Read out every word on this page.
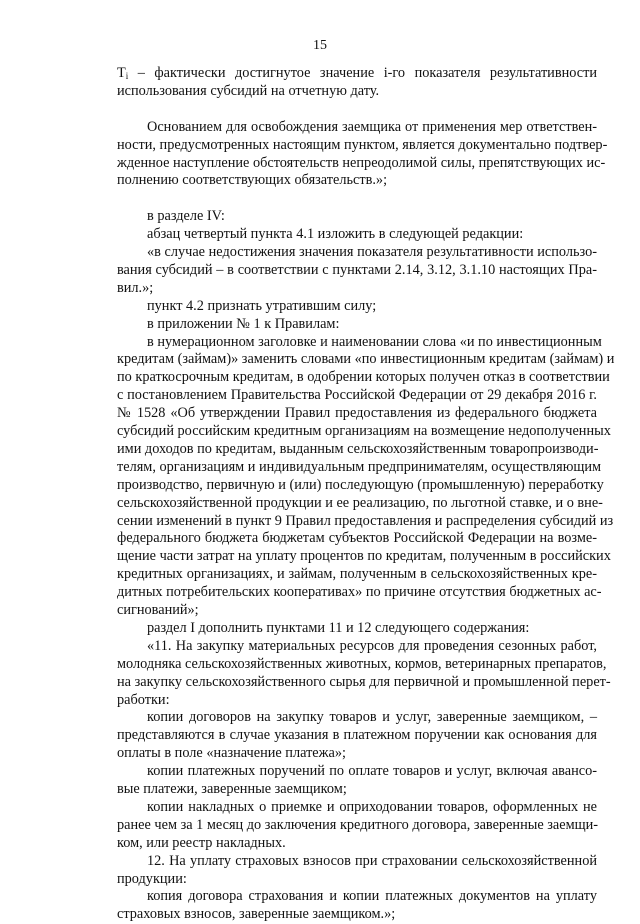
15
$T_i$ – фактически достигнутое значение i-го показателя результативности
использования субсидий на отчетную дату.
Основанием для освобождения заемщика от применения мер ответствен-
ности, предусмотренных настоящим пунктом, является документально подтвер-
жденное наступление обстоятельств непреодолимой силы, препятствующих ис-
полнению соответствующих обязательств.»;
в разделе IV:
абзац четвертый пункта 4.1 изложить в следующей редакции:
«в случае недостижения значения показателя результативности использо-
вания субсидий – в соответствии с пунктами 2.14, 3.12, 3.1.10 настоящих Пра-
вил.»;
пункт 4.2 признать утратившим силу;
в приложении № 1 к Правилам:
в нумерационном заголовке и наименовании слова «и по инвестиционным
кредитам (займам)» заменить словами «по инвестиционным кредитам (займам) и
по краткосрочным кредитам, в одобрении которых получен отказ в соответствии
с постановлением Правительства Российской Федерации от 29 декабря 2016 г.
№ 1528 «Об утверждении Правил предоставления из федерального бюджета
субсидий российским кредитным организациям на возмещение недополученных
ими доходов по кредитам, выданным сельскохозяйственным товаропроизводи-
телям, организациям и индивидуальным предпринимателям, осуществляющим
производство, первичную и (или) последующую (промышленную) переработку
сельскохозяйственной продукции и ее реализацию, по льготной ставке, и о вне-
сении изменений в пункт 9 Правил предоставления и распределения субсидий из
федерального бюджета бюджетам субъектов Российской Федерации на возме-
щение части затрат на уплату процентов по кредитам, полученным в российских
кредитных организациях, и займам, полученным в сельскохозяйственных кре-
дитных потребительских кооперативах» по причине отсутствия бюджетных ас-
сигнований»;
раздел I дополнить пунктами 11 и 12 следующего содержания:
«11. На закупку материальных ресурсов для проведения сезонных работ,
молодняка сельскохозяйственных животных, кормов, ветеринарных препаратов,
на закупку сельскохозяйственного сырья для первичной и промышленной перет-
работки:
копии договоров на закупку товаров и услуг, заверенные заемщиком, –
представляются в случае указания в платежном поручении как основания для
оплаты в поле «назначение платежа»;
копии платежных поручений по оплате товаров и услуг, включая авансо-
вые платежи, заверенные заемщиком;
копии накладных о приемке и оприходовании товаров, оформленных не
ранее чем за 1 месяц до заключения кредитного договора, заверенные заемщи-
ком, или реестр накладных.
12. На уплату страховых взносов при страховании сельскохозяйственной
продукции:
копия договора страхования и копии платежных документов на уплату
страховых взносов, заверенные заемщиком.»;
